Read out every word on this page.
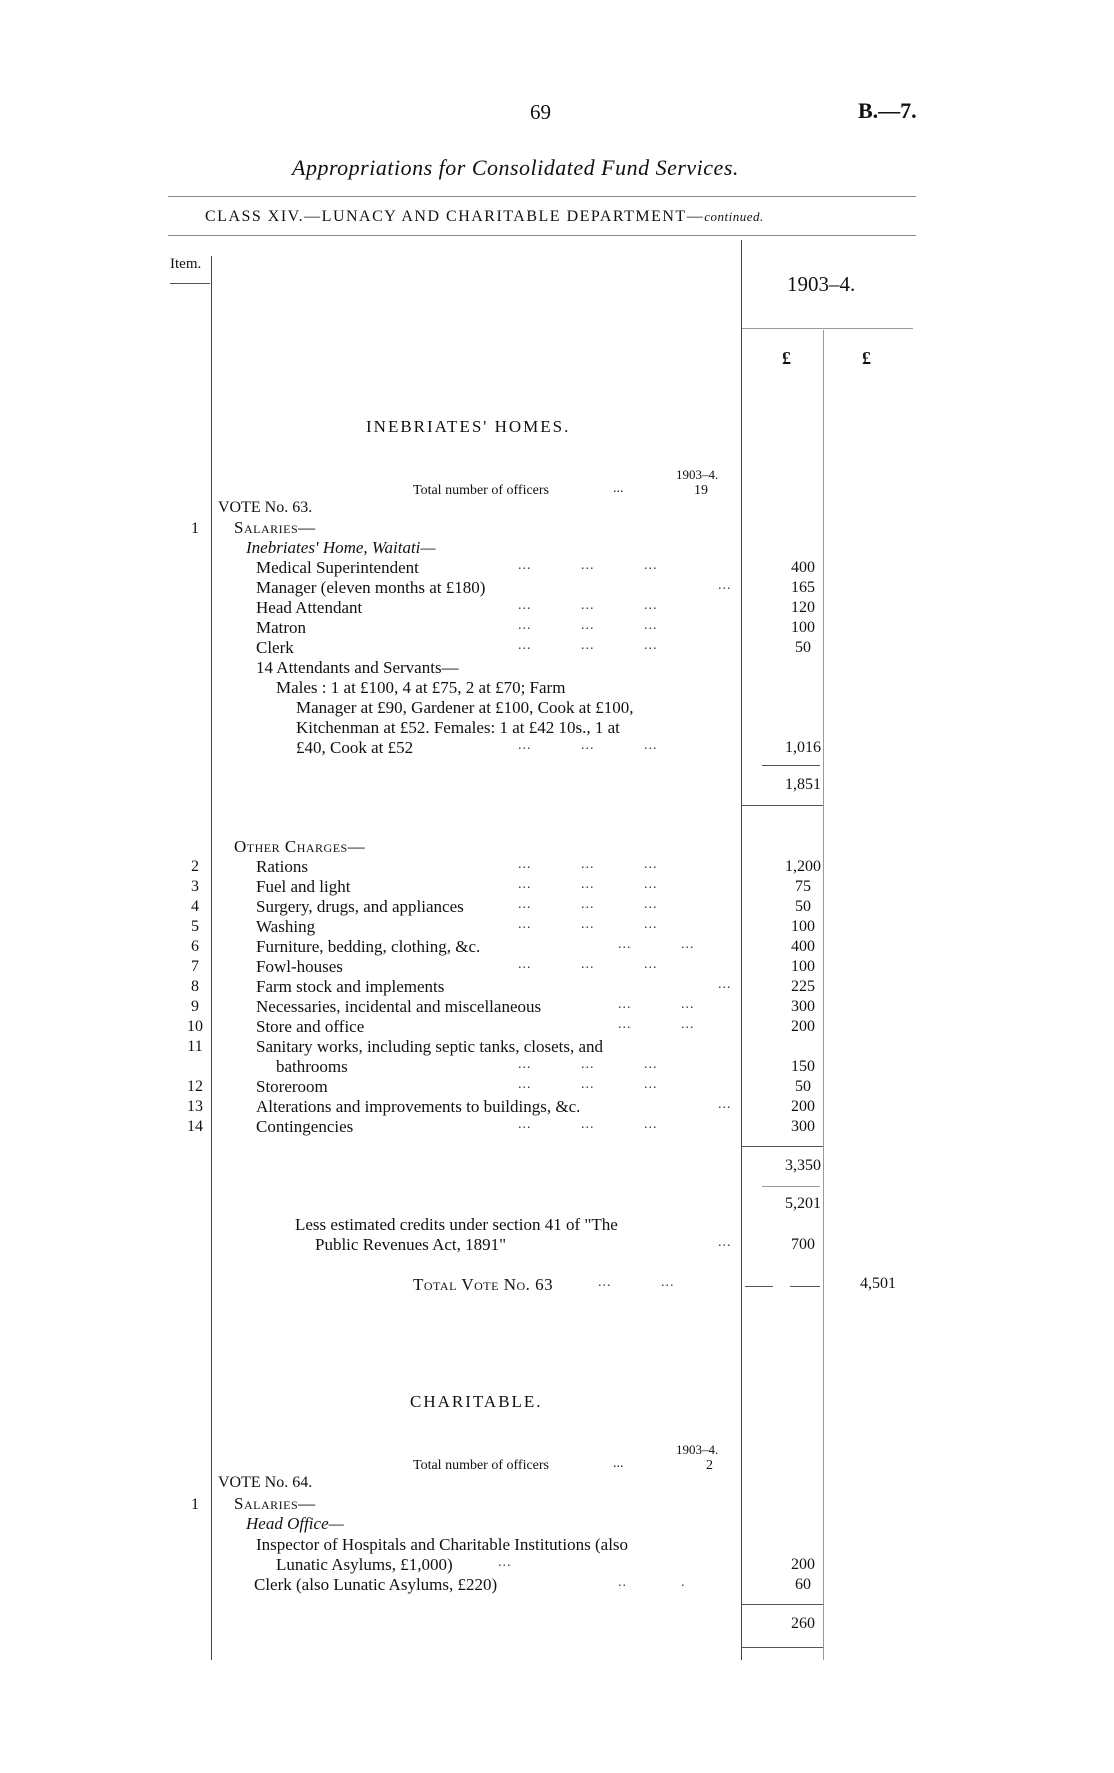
69	B.—7.
Appropriations for Consolidated Fund Services.
CLASS XIV.—LUNACY AND CHARITABLE DEPARTMENT—continued.
Item.
1903–4.
£	£
INEBRIATES' HOMES.
1903–4.
Total number of officers	...	19
VOTE No. 63.
1	Salaries—
Inebriates' Home, Waitati—
Medical Superintendent	...           ...           ...	400
Manager (eleven months at £180)	...	165
Head Attendant	...           ...           ...	120
Matron	...           ...           ...	100
Clerk	...           ...           ...	50
14 Attendants and Servants—
Males : 1 at £100, 4 at £75, 2 at £70; Farm
Manager at £90, Gardener at £100, Cook at £100,
Kitchenman at £52. Females: 1 at £42 10s., 1 at
£40, Cook at £52	...           ...           ...	1,016
1,851
Other Charges—
2	Rations	...           ...           ...	1,200
3	Fuel and light	...           ...           ...	75
4	Surgery, drugs, and appliances	...           ...           ...	50
5	Washing	...           ...           ...	100
6	Furniture, bedding, clothing, &c.	...           ...	400
7	Fowl-houses	...           ...           ...	100
8	Farm stock and implements	...	225
9	Necessaries, incidental and miscellaneous	...           ...	300
10	Store and office	...           ...	200
11	Sanitary works, including septic tanks, closets, and
bathrooms	...           ...           ...	150
12	Storeroom	...           ...           ...	50
13	Alterations and improvements to buildings, &c.	...	200
14	Contingencies	...           ...           ...	300
3,350
5,201
Less estimated credits under section 41 of "The
Public Revenues Act, 1891"	...	700
Total Vote No. 63	...           ...	4,501
CHARITABLE.
1903–4.
Total number of officers	...	2
VOTE No. 64.
1	Salaries—
Head Office—
Inspector of Hospitals and Charitable Institutions (also
Lunatic Asylums, £1,000)	...	200
Clerk (also Lunatic Asylums, £220)	..            .	60
260
